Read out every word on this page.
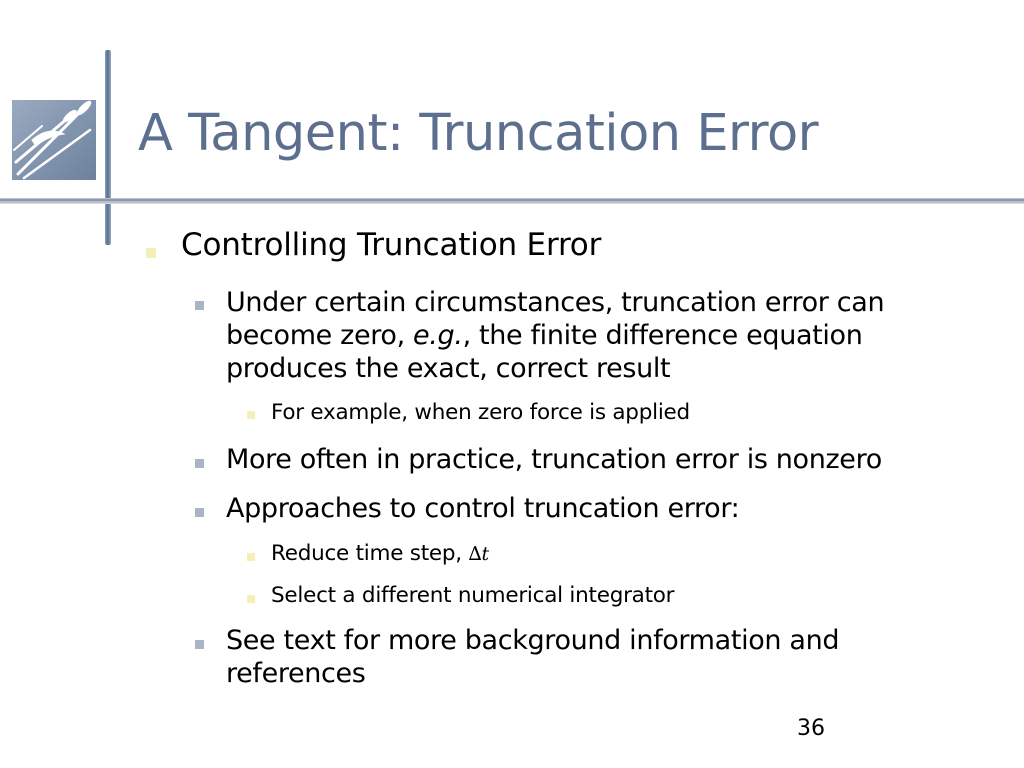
A Tangent: Truncation Error

Controlling Truncation Error

Under certain circumstances, truncation error can
become zero, e.g., the finite difference equation
produces the exact, correct result

For example, when zero force is applied

More often in practice, truncation error is nonzero

Approaches to control truncation error:

Reduce time step, ∆t

Select a different numerical integrator

See text for more background information and
references
36
